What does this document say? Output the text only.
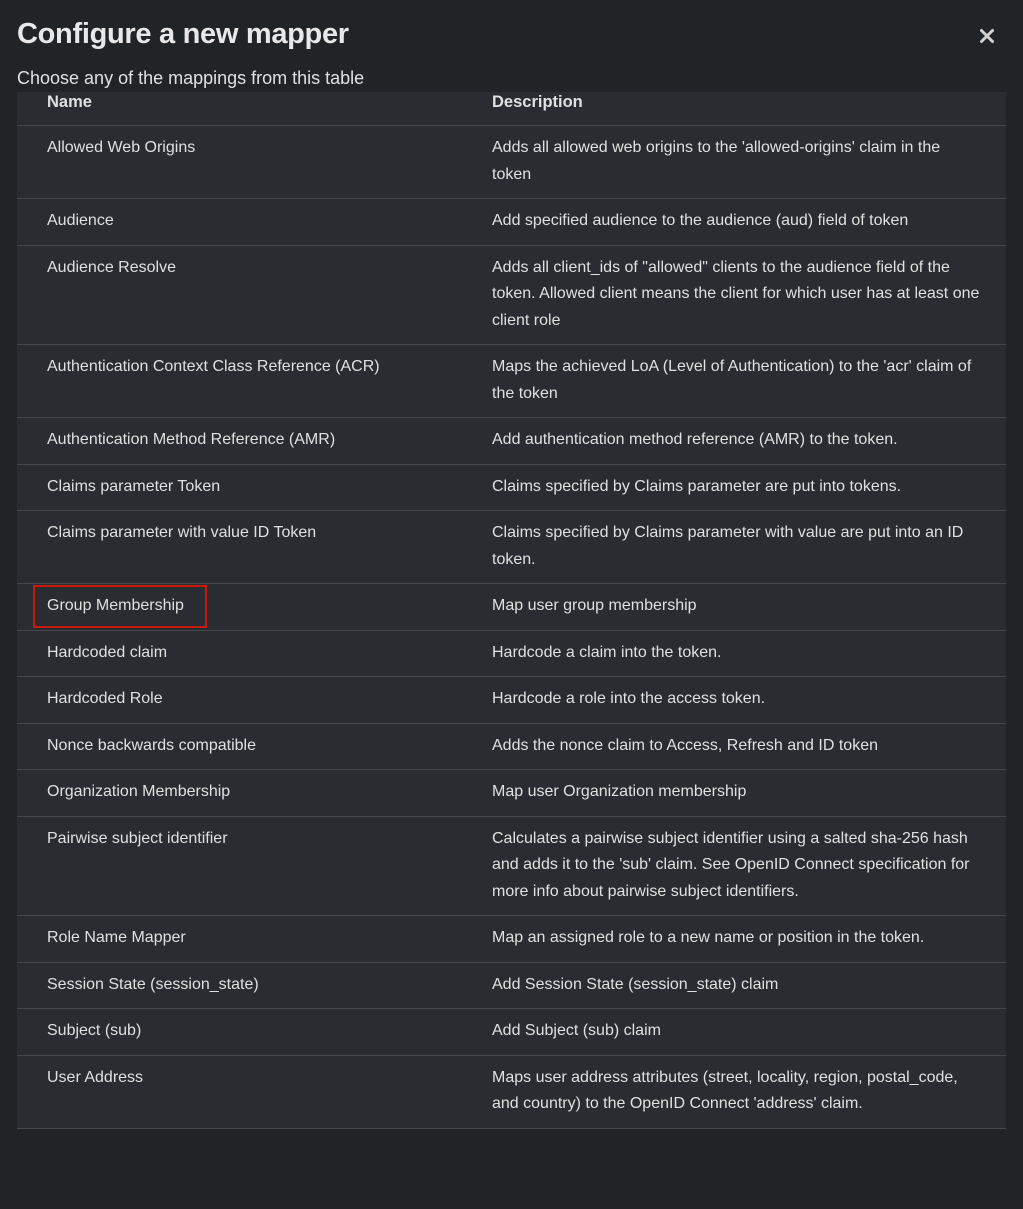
Configure a new mapper

Choose any of the mappings from this table

Name	Description
Allowed Web Origins	Adds all allowed web origins to the 'allowed-origins' claim in the token
Audience	Add specified audience to the audience (aud) field of token
Audience Resolve	Adds all client_ids of "allowed" clients to the audience field of the token. Allowed client means the client for which user has at least one client role
Authentication Context Class Reference (ACR)	Maps the achieved LoA (Level of Authentication) to the 'acr' claim of the token
Authentication Method Reference (AMR)	Add authentication method reference (AMR) to the token.
Claims parameter Token	Claims specified by Claims parameter are put into tokens.
Claims parameter with value ID Token	Claims specified by Claims parameter with value are put into an ID token.
Group Membership	Map user group membership
Hardcoded claim	Hardcode a claim into the token.
Hardcoded Role	Hardcode a role into the access token.
Nonce backwards compatible	Adds the nonce claim to Access, Refresh and ID token
Organization Membership	Map user Organization membership
Pairwise subject identifier	Calculates a pairwise subject identifier using a salted sha-256 hash and adds it to the 'sub' claim. See OpenID Connect specification for more info about pairwise subject identifiers.
Role Name Mapper	Map an assigned role to a new name or position in the token.
Session State (session_state)	Add Session State (session_state) claim
Subject (sub)	Add Subject (sub) claim
User Address	Maps user address attributes (street, locality, region, postal_code, and country) to the OpenID Connect 'address' claim.
